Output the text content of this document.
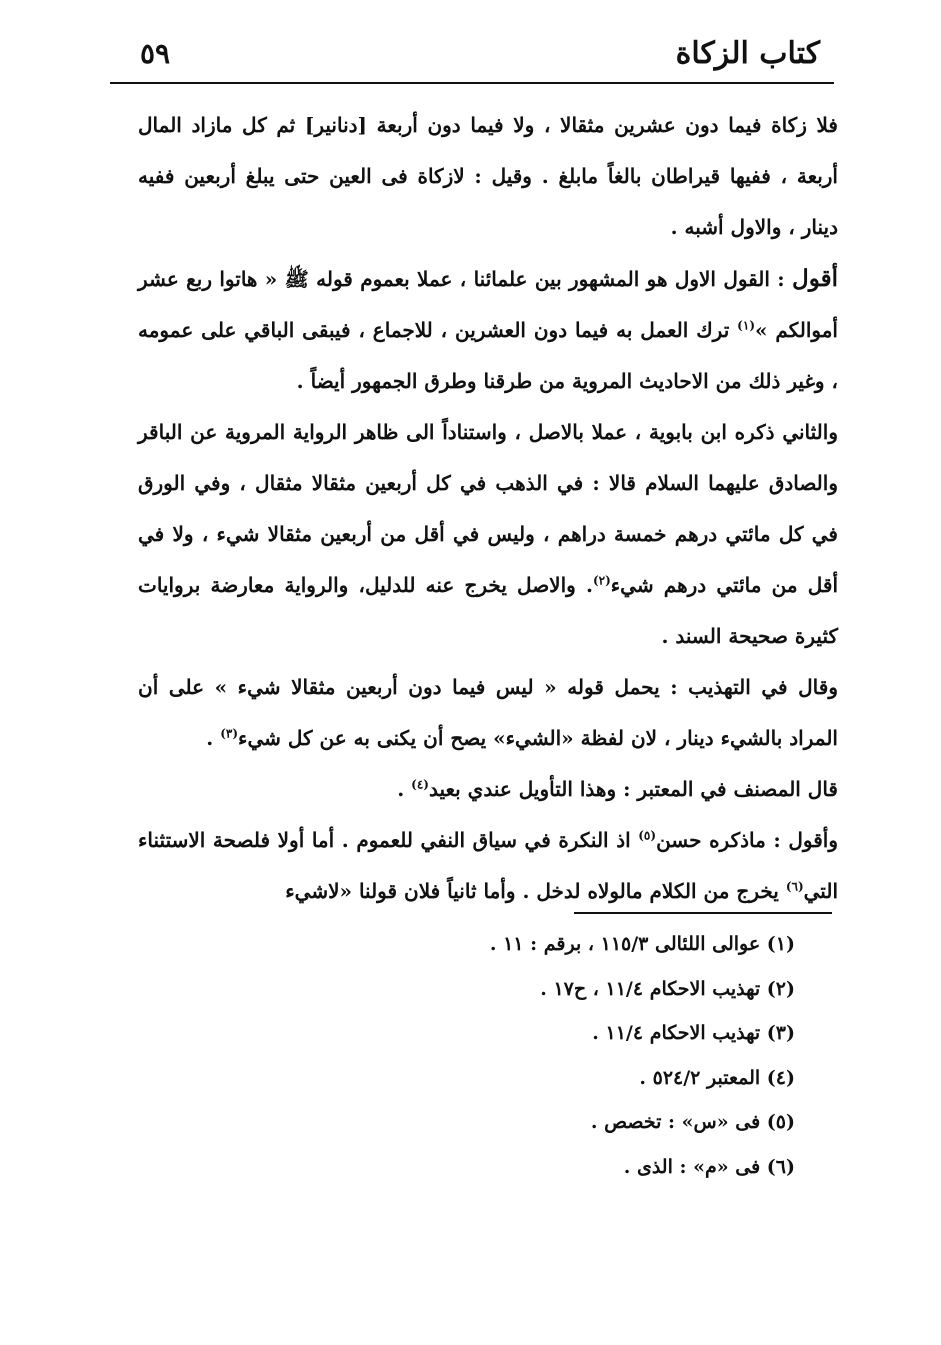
كتاب الزكاة
٥٩

فلا زكاة فيما دون عشرين مثقالا ، ولا فيما دون أربعة [دنانير] ثم كل مازاد المال أربعة ، ففيها قيراطان بالغاً مابلغ . وقيل : لازكاة فى العين حتى يبلغ أربعين ففيه دينار ، والاول أشبه .

أقول : القول الاول هو المشهور بين علمائنا ، عملا بعموم قوله ﷺ « هاتوا ربع عشر أموالكم »$^{(١)}$ ترك العمل به فيما دون العشرين ، للاجماع ، فيبقى الباقي على عمومه ، وغير ذلك من الاحاديث المروية من طرقنا وطرق الجمهور أيضاً .

والثاني ذكره ابن بابوية ، عملا بالاصل ، واستناداً الى ظاهر الرواية المروية عن الباقر والصادق عليهما السلام قالا : في الذهب في كل أربعين مثقالا مثقال ، وفي الورق في كل مائتي درهم خمسة دراهم ، وليس في أقل من أربعين مثقالا شيء ، ولا في أقل من مائتي درهم شيء$^{(٢)}$. والاصل يخرج عنه للدليل، والرواية معارضة بروايات كثيرة صحيحة السند .

وقال في التهذيب : يحمل قوله « ليس فيما دون أربعين مثقالا شيء » على أن المراد بالشيء دينار ، لان لفظة «الشيء» يصح أن يكنى به عن كل شيء$^{(٣)}$ .

قال المصنف في المعتبر : وهذا التأويل عندي بعيد$^{(٤)}$ .

وأقول : ماذكره حسن$^{(٥)}$ اذ النكرة في سياق النفي للعموم . أما أولا فلصحة الاستثناء التي$^{(٦)}$ يخرج من الكلام مالولاه لدخل . وأما ثانياً فلان قولنا «لاشيء

(١) عوالى اللئالى ١١٥/٣ ، برقم : ١١ .
(٢) تهذيب الاحكام ١١/٤ ، ح١٧ .
(٣) تهذيب الاحكام ١١/٤ .
(٤) المعتبر ٥٢٤/٢ .
(٥) فى «س» : تخصص .
(٦) فى «م» : الذى .
